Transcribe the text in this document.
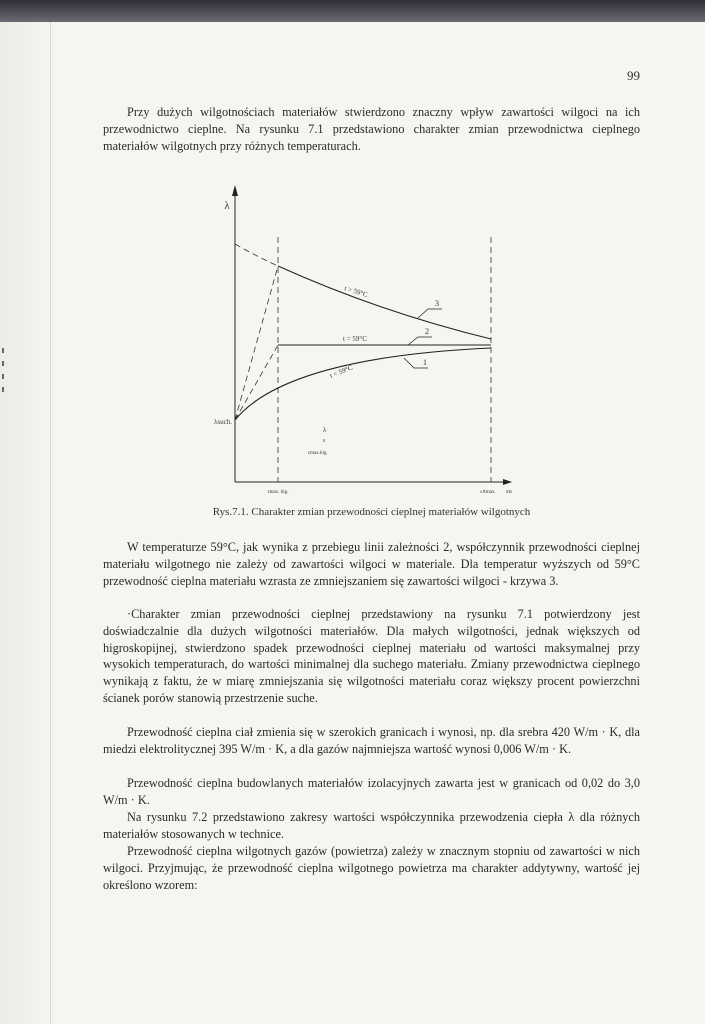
99

Przy dużych wilgotnościach materiałów stwierdzono znaczny wpływ zawartości wilgoci na ich przewodnictwo cieplne. Na rysunku 7.1 przedstawiono charakter zmian przewodnictwa cieplnego materiałów wilgotnych przy różnych temperaturach.

λ
λsuch.
t > 59°C
3
t = 59°C
2
t < 59°C
1
λ
ε
εmax.hig.
εmax. hig.	εAmax. εu

Rys.7.1. Charakter zmian przewodności cieplnej materiałów wilgotnych

W temperaturze 59°C, jak wynika z przebiegu linii zależności 2, współczynnik przewodności cieplnej materiału wilgotnego nie zależy od zawartości wilgoci w materiale. Dla temperatur wyższych od 59°C przewodność cieplna materiału wzrasta ze zmniejszaniem się zawartości wilgoci - krzywa 3.

·Charakter zmian przewodności cieplnej przedstawiony na rysunku 7.1 potwierdzony jest doświadczalnie dla dużych wilgotności materiałów. Dla małych wilgotności, jednak większych od higroskopijnej, stwierdzono spadek przewodności cieplnej materiału od wartości maksymalnej przy wysokich temperaturach, do wartości minimalnej dla suchego materiału. Zmiany przewodnictwa cieplnego wynikają z faktu, że w miarę zmniejszania się wilgotności materiału coraz większy procent powierzchni ścianek porów stanowią przestrzenie suche.

Przewodność cieplna ciał zmienia się w szerokich granicach i wynosi, np. dla srebra 420 W/m · K, dla miedzi elektrolitycznej 395 W/m · K, a dla gazów najmniejsza wartość wynosi 0,006 W/m · K.

Przewodność cieplna budowlanych materiałów izolacyjnych zawarta jest w granicach od 0,02 do 3,0 W/m · K.

Na rysunku 7.2 przedstawiono zakresy wartości współczynnika przewodzenia ciepła λ dla różnych materiałów stosowanych w technice.

Przewodność cieplna wilgotnych gazów (powietrza) zależy w znacznym stopniu od zawartości w nich wilgoci. Przyjmując, że przewodność cieplna wilgotnego powietrza ma charakter addytywny, wartość jej określono wzorem:
